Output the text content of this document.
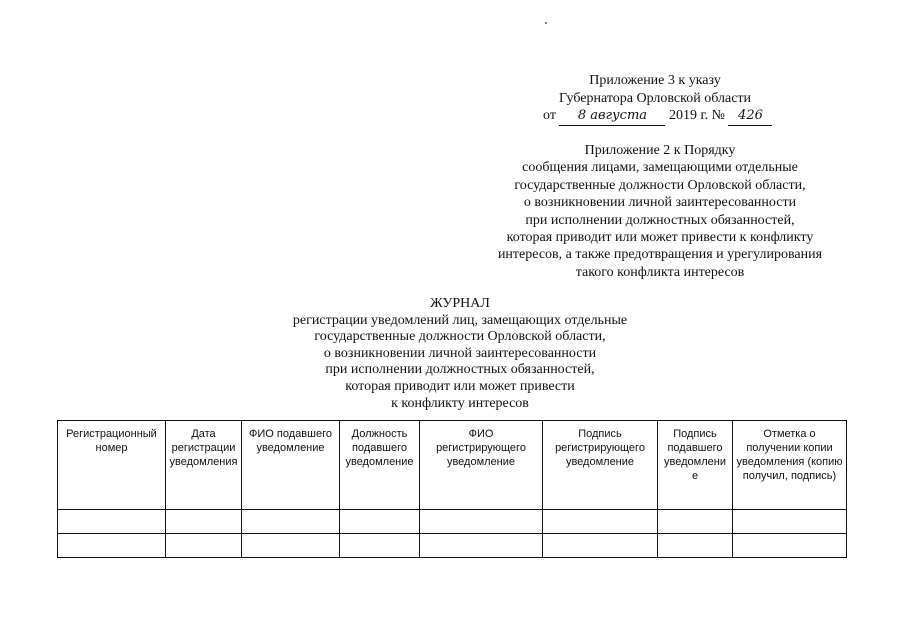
Приложение 3 к указу
Губернатора Орловской области
от 8 августа 2019 г. № 426
Приложение 2 к Порядку
сообщения лицами, замещающими отдельные
государственные должности Орловской области,
о возникновении личной заинтересованности
при исполнении должностных обязанностей,
которая приводит или может привести к конфликту
интересов, а также предотвращения и урегулирования
такого конфликта интересов
ЖУРНАЛ
регистрации уведомлений лиц, замещающих отдельные
государственные должности Орловской области,
о возникновении личной заинтересованности
при исполнении должностных обязанностей,
которая приводит или может привести
к конфликту интересов
Регистрационный номер	Дата регистрации уведомления	ФИО подавшего уведомление	Должность подавшего уведомление	ФИО регистрирующего уведомление	Подпись регистрирующего уведомление	Подпись подавшего уведомление	Отметка о получении копии уведомления (копию получил, подпись)
